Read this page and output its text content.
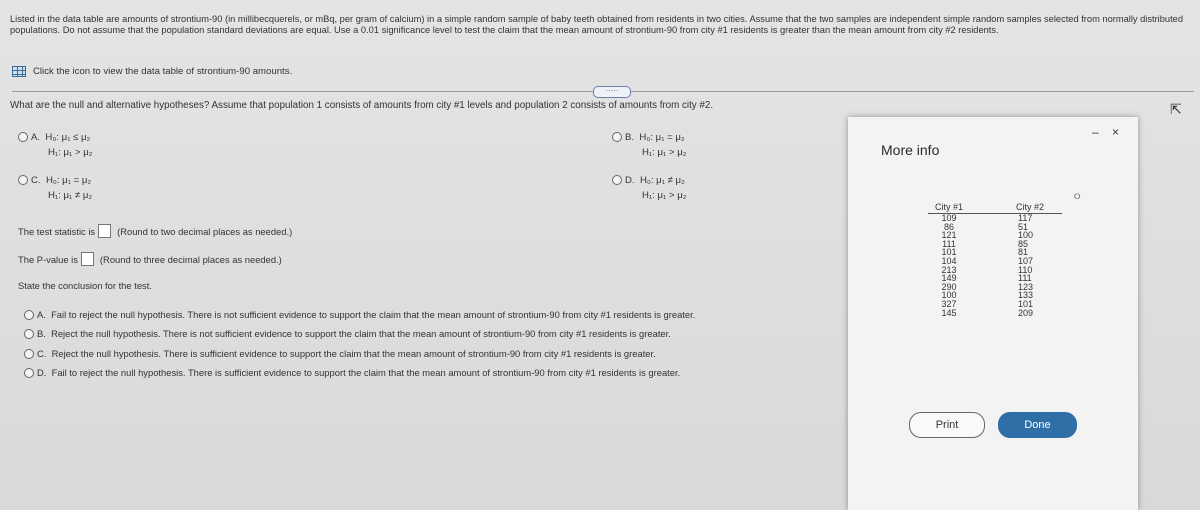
Listed in the data table are amounts of strontium-90 (in millibecquerels, or mBq, per gram of calcium) in a simple random sample of baby teeth obtained from residents in two cities. Assume that the two samples are independent simple random samples selected from normally distributed populations. Do not assume that the population standard deviations are equal. Use a 0.01 significance level to test the claim that the mean amount of strontium-90 from city #1 residents is greater than the mean amount from city #2 residents.
Click the icon to view the data table of strontium-90 amounts.
·····
What are the null and alternative hypotheses? Assume that population 1 consists of amounts from city #1 levels and population 2 consists of amounts from city #2.
A. H₀: μ₁ ≤ μ₂
H₁: μ₁ > μ₂
B. H₀: μ₁ = μ₂
H₁: μ₁ > μ₂
C. H₀: μ₁ = μ₂
H₁: μ₁ ≠ μ₂
D. H₀: μ₁ ≠ μ₂
H₁: μ₁ > μ₂
The test statistic is (Round to two decimal places as needed.)
The P-value is (Round to three decimal places as needed.)
State the conclusion for the test.
A.
Fail to reject the null hypothesis. There is not sufficient evidence to support the claim that the mean amount of strontium-90 from city #1 residents is greater.
B.
Reject the null hypothesis. There is not sufficient evidence to support the claim that the mean amount of strontium-90 from city #1 residents is greater.
C.
Reject the null hypothesis. There is sufficient evidence to support the claim that the mean amount of strontium-90 from city #1 residents is greater.
D.
Fail to reject the null hypothesis. There is sufficient evidence to support the claim that the mean amount of strontium-90 from city #1 residents is greater.
More info
– ×
⭘
City #1
109
86
121
111
101
104
213
149
290
100
327
145
City #2
117
51
100
85
81
107
110
111
123
133
101
209
Print	Done
⇱
